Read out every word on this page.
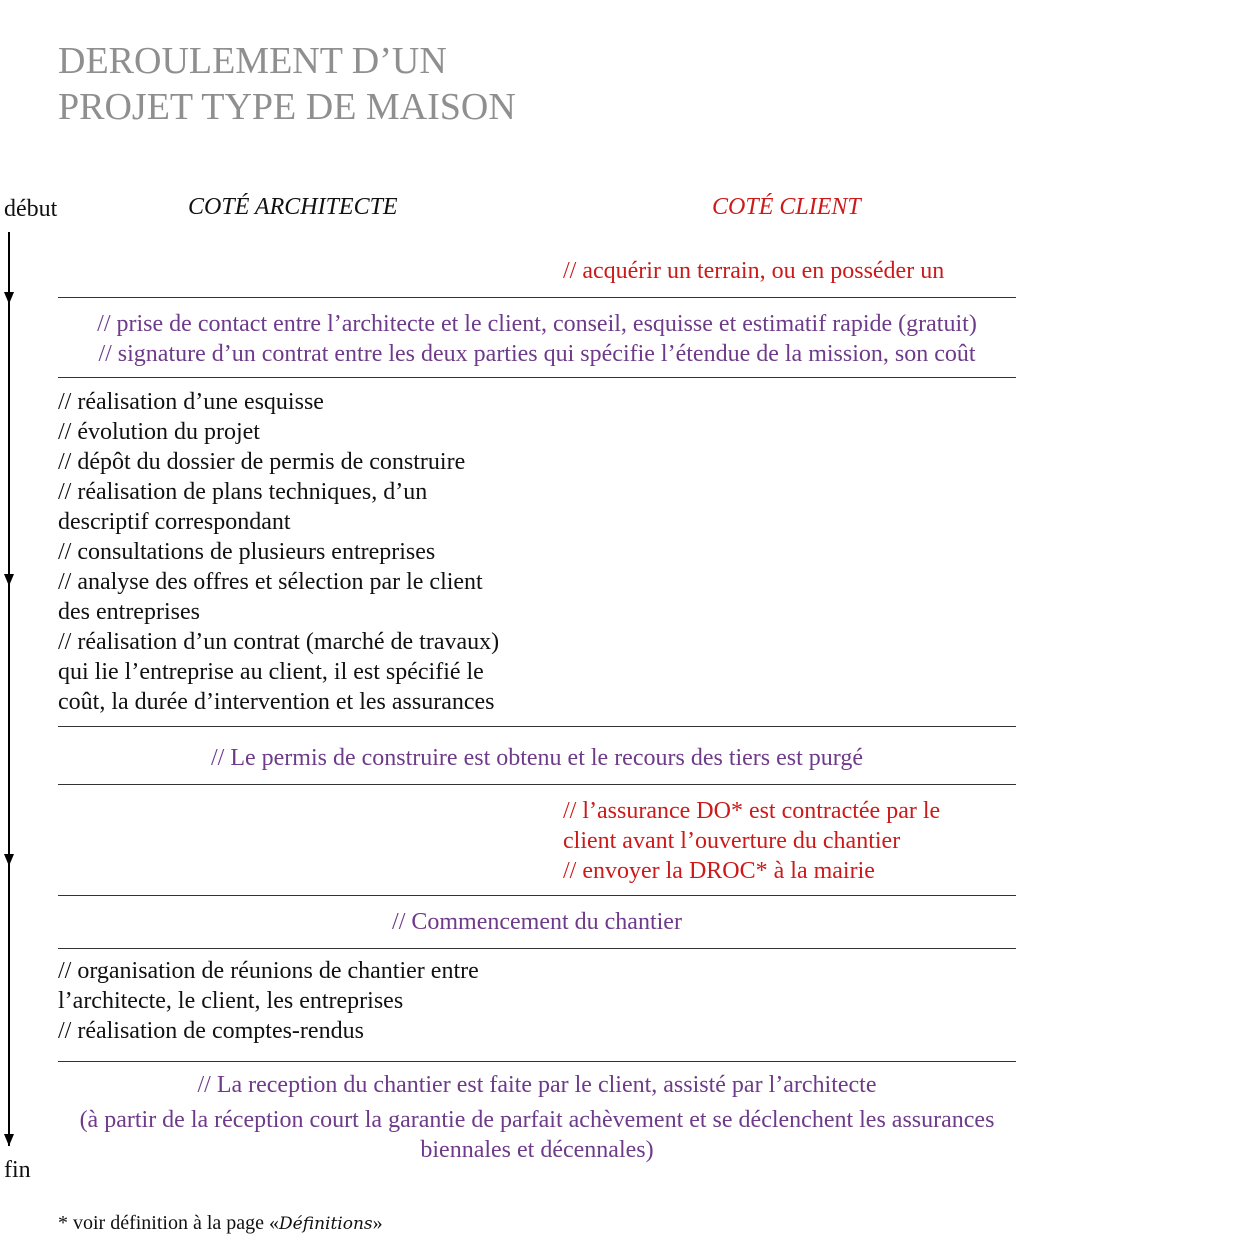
DEROULEMENT D’UN
PROJET TYPE DE MAISON
début
fin
COTÉ ARCHITECTE	COTÉ CLIENT
// acquérir un terrain, ou en posséder un
// prise de contact entre l’architecte et le client, conseil, esquisse et estimatif rapide (gratuit)
// signature d’un contrat entre les deux parties qui spécifie l’étendue de la mission, son coût
// réalisation d’une esquisse
// évolution du projet
// dépôt du dossier de permis de construire
// réalisation de plans techniques, d’un
descriptif correspondant
// consultations de plusieurs entreprises
// analyse des offres et sélection par le client
des entreprises
// réalisation d’un contrat (marché de travaux)
qui lie l’entreprise au client, il est spécifié le
coût, la durée d’intervention et les assurances
// Le permis de construire est obtenu et le recours des tiers est purgé
// l’assurance DO* est contractée par le
client avant l’ouverture du chantier
// envoyer la DROC* à la mairie
// Commencement du chantier
// organisation de réunions de chantier entre
l’architecte, le client, les entreprises
// réalisation de comptes-rendus
// La reception du chantier est faite par le client, assisté par l’architecte
(à partir de la réception court la garantie de parfait achèvement et se déclenchent les assurances
biennales et décennales)
* voir définition à la page «Définitions»
